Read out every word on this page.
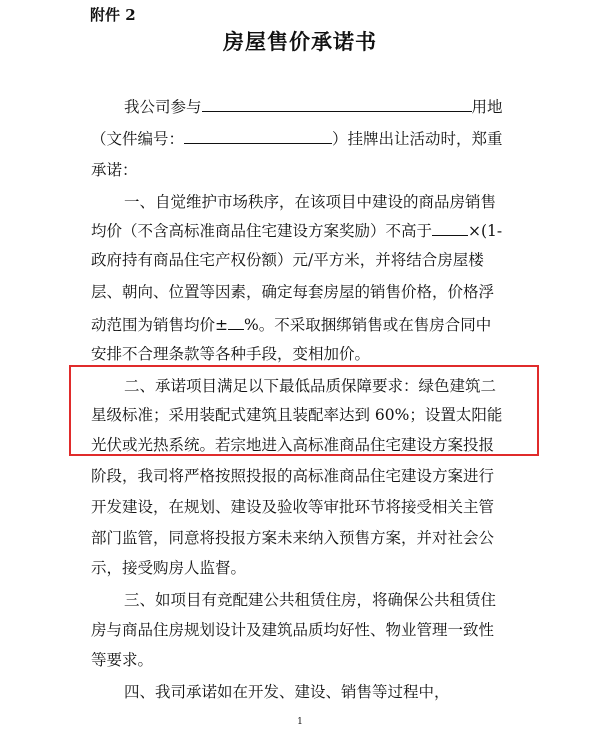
附件 2
房屋售价承诺书
我公司参与	用地
（文件编号：	）挂牌出让活动时，郑重
承诺：
一、自觉维护市场秩序，在该项目中建设的商品房销售
均价（不含高标准商品住宅建设方案奖励）不高于 ×(1-
政府持有商品住宅产权份额）元/平方米，并将结合房屋楼
层、朝向、位置等因素，确定每套房屋的销售价格，价格浮
动范围为销售均价± %。不采取捆绑销售或在售房合同中
安排不合理条款等各种手段，变相加价。
二、承诺项目满足以下最低品质保障要求：绿色建筑二
星级标准；采用装配式建筑且装配率达到 60%；设置太阳能
光伏或光热系统。若宗地进入高标准商品住宅建设方案投报
阶段，我司将严格按照投报的高标准商品住宅建设方案进行
开发建设，在规划、建设及验收等审批环节将接受相关主管
部门监管，同意将投报方案未来纳入预售方案，并对社会公
示，接受购房人监督。
三、如项目有竞配建公共租赁住房，将确保公共租赁住
房与商品住房规划设计及建筑品质均好性、物业管理一致性
等要求。
四、我司承诺如在开发、建设、销售等过程中，
1
